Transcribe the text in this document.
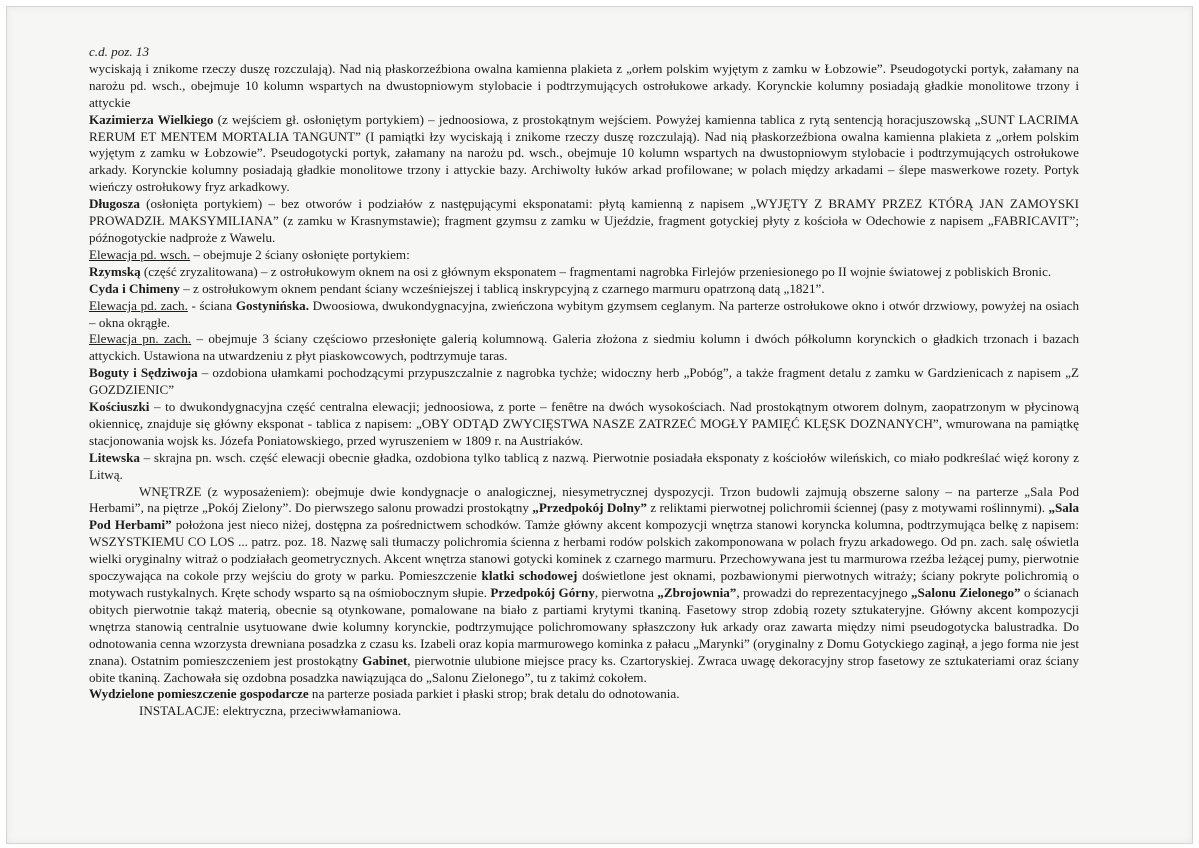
c.d. poz. 13

wyciskają i znikome rzeczy duszę rozczulają). Nad nią płaskorzeźbiona owalna kamienna plakieta z „orłem polskim wyjętym z zamku w Łobzowie”. Pseudogotycki portyk, załamany na narożu pd. wsch., obejmuje 10 kolumn wspartych na dwustopniowym stylobacie i podtrzymujących ostrołukowe arkady. Korynckie kolumny posiadają gładkie monolitowe trzony i attyckie

Kazimierza Wielkiego (z wejściem gł. osłoniętym portykiem) – jednoosiowa, z prostokątnym wejściem. Powyżej kamienna tablica z rytą sentencją horacjuszowską „SUNT LACRIMA RERUM ET MENTEM MORTALIA TANGUNT” (I pamiątki łzy wyciskają i znikome rzeczy duszę rozczulają). Nad nią płaskorzeźbiona owalna kamienna plakieta z „orłem polskim wyjętym z zamku w Łobzowie”. Pseudogotycki portyk, załamany na narożu pd. wsch., obejmuje 10 kolumn wspartych na dwustopniowym stylobacie i podtrzymujących ostrołukowe arkady. Korynckie kolumny posiadają gładkie monolitowe trzony i attyckie bazy. Archiwolty łuków arkad profilowane; w polach między arkadami – ślepe maswerkowe rozety. Portyk wieńczy ostrołukowy fryz arkadkowy.

Długosza (osłonięta portykiem) – bez otworów i podziałów z następującymi eksponatami: płytą kamienną z napisem „WYJĘTY Z BRAMY PRZEZ KTÓRĄ JAN ZAMOYSKI PROWADZIŁ MAKSYMILIANA” (z zamku w Krasnymstawie); fragment gzymsu z zamku w Ujeździe, fragment gotyckiej płyty z kościoła w Odechowie z napisem „FABRICAVIT”; późnogotyckie nadproże z Wawelu.

Elewacja pd. wsch. – obejmuje 2 ściany osłonięte portykiem:

Rzymską (część zryzalitowana) – z ostrołukowym oknem na osi z głównym eksponatem – fragmentami nagrobka Firlejów przeniesionego po II wojnie światowej z pobliskich Bronic.

Cyda i Chimeny – z ostrołukowym oknem pendant ściany wcześniejszej i tablicą inskrypcyjną z czarnego marmuru opatrzoną datą „1821”.

Elewacja pd. zach. - ściana Gostynińska. Dwoosiowa, dwukondygnacyjna, zwieńczona wybitym gzymsem ceglanym. Na parterze ostrołukowe okno i otwór drzwiowy, powyżej na osiach – okna okrągłe.

Elewacja pn. zach. – obejmuje 3 ściany częściowo przesłonięte galerią kolumnową. Galeria złożona z siedmiu kolumn i dwóch półkolumn korynckich o gładkich trzonach i bazach attyckich. Ustawiona na utwardzeniu z płyt piaskowcowych, podtrzymuje taras.

Boguty i Sędziwoja – ozdobiona ułamkami pochodzącymi przypuszczalnie z nagrobka tychże; widoczny herb „Pobóg”, a także fragment detalu z zamku w Gardzienicach z napisem „Z GOZDZIENIC”

Kościuszki – to dwukondygnacyjna część centralna elewacji; jednoosiowa, z porte – fenêtre na dwóch wysokościach. Nad prostokątnym otworem dolnym, zaopatrzonym w płycinową okiennicę, znajduje się główny eksponat - tablica z napisem: „OBY ODTĄD ZWYCIĘSTWA NASZE ZATRZEĆ MOGŁY PAMIĘĆ KLĘSK DOZNANYCH”, wmurowana na pamiątkę stacjonowania wojsk ks. Józefa Poniatowskiego, przed wyruszeniem w 1809 r. na Austriaków.

Litewska – skrajna pn. wsch. część elewacji obecnie gładka, ozdobiona tylko tablicą z nazwą. Pierwotnie posiadała eksponaty z kościołów wileńskich, co miało podkreślać więź korony z Litwą.

WNĘTRZE (z wyposażeniem): obejmuje dwie kondygnacje o analogicznej, niesymetrycznej dyspozycji. Trzon budowli zajmują obszerne salony – na parterze „Sala Pod Herbami”, na piętrze „Pokój Zielony”. Do pierwszego salonu prowadzi prostokątny „Przedpokój Dolny” z reliktami pierwotnej polichromii ściennej (pasy z motywami roślinnymi). „Sala Pod Herbami” położona jest nieco niżej, dostępna za pośrednictwem schodków. Tamże główny akcent kompozycji wnętrza stanowi koryncka kolumna, podtrzymująca belkę z napisem: WSZYSTKIEMU CO LOS ... patrz. poz. 18. Nazwę sali tłumaczy polichromia ścienna z herbami rodów polskich zakomponowana w polach fryzu arkadowego. Od pn. zach. salę oświetla wielki oryginalny witraż o podziałach geometrycznych. Akcent wnętrza stanowi gotycki kominek z czarnego marmuru. Przechowywana jest tu marmurowa rzeźba leżącej pumy, pierwotnie spoczywająca na cokole przy wejściu do groty w parku. Pomieszczenie klatki schodowej doświetlone jest oknami, pozbawionymi pierwotnych witraży; ściany pokryte polichromią o motywach rustykalnych. Kręte schody wsparto są na ośmiobocznym słupie. Przedpokój Górny, pierwotna „Zbrojownia”, prowadzi do reprezentacyjnego „Salonu Zielonego” o ścianach obitych pierwotnie takąż materią, obecnie są otynkowane, pomalowane na biało z partiami krytymi tkaniną. Fasetowy strop zdobią rozety sztukateryjne. Główny akcent kompozycji wnętrza stanowią centralnie usytuowane dwie kolumny korynckie, podtrzymujące polichromowany spłaszczony łuk arkady oraz zawarta między nimi pseudogotycka balustradka. Do odnotowania cenna wzorzysta drewniana posadzka z czasu ks. Izabeli oraz kopia marmurowego kominka z pałacu „Marynki” (oryginalny z Domu Gotyckiego zaginął, a jego forma nie jest znana). Ostatnim pomieszczeniem jest prostokątny Gabinet, pierwotnie ulubione miejsce pracy ks. Czartoryskiej. Zwraca uwagę dekoracyjny strop fasetowy ze sztukateriami oraz ściany obite tkaniną. Zachowała się ozdobna posadzka nawiązująca do „Salonu Zielonego”, tu z takimż cokołem.

Wydzielone pomieszczenie gospodarcze na parterze posiada parkiet i płaski strop; brak detalu do odnotowania.

INSTALACJE: elektryczna, przeciwwłamaniowa.
